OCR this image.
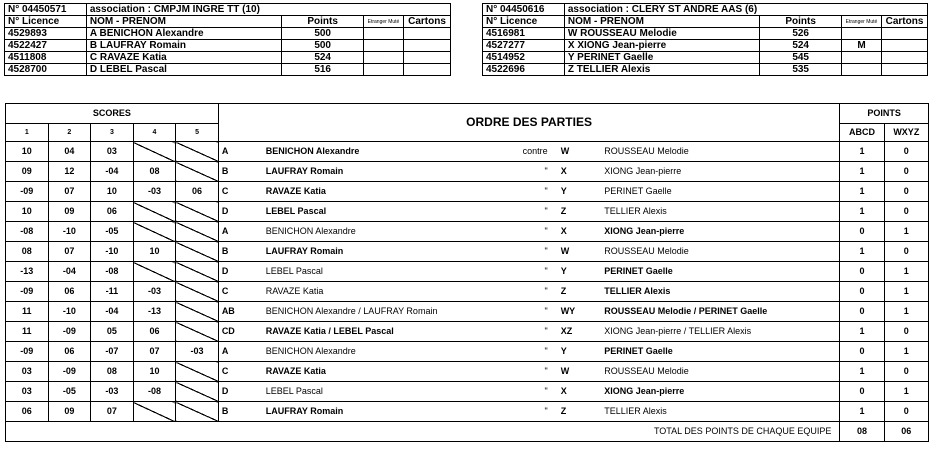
N° 04450571	association : CMPJM INGRE TT (10)			
N° Licence	NOM - PRENOM	Points	Etranger Muté	Cartons
4529893	A BENICHON Alexandre	500		
4522427	B LAUFRAY Romain	500		
4511808	C RAVAZE Katia	524		
4528700	D LEBEL Pascal	516		
N° 04450616	association : CLERY ST ANDRE AAS (6)			
N° Licence	NOM - PRENOM	Points	Etranger Muté	Cartons
4516981	W ROUSSEAU Melodie	526		
4527277	X XIONG Jean-pierre	524	M	
4514952	Y PERINET Gaelle	545		
4522696	Z TELLIER Alexis	535		
SCORES					ORDRE DES PARTIES					POINTS	
1	2	3	4	5						ABCD	WXYZ
10	04	03			A	BENICHON Alexandre	contre	W	ROUSSEAU Melodie	1	0
09	12	-04	08		B	LAUFRAY Romain	"	X	XIONG Jean-pierre	1	0
-09	07	10	-03	06	C	RAVAZE Katia	"	Y	PERINET Gaelle	1	0
10	09	06			D	LEBEL Pascal	"	Z	TELLIER Alexis	1	0
-08	-10	-05			A	BENICHON Alexandre	"	X	XIONG Jean-pierre	0	1
08	07	-10	10		B	LAUFRAY Romain	"	W	ROUSSEAU Melodie	1	0
-13	-04	-08			D	LEBEL Pascal	"	Y	PERINET Gaelle	0	1
-09	06	-11	-03		C	RAVAZE Katia	"	Z	TELLIER Alexis	0	1
11	-10	-04	-13		AB	BENICHON Alexandre / LAUFRAY Romain	"	WY	ROUSSEAU Melodie / PERINET Gaelle	0	1
11	-09	05	06		CD	RAVAZE Katia / LEBEL Pascal	"	XZ	XIONG Jean-pierre / TELLIER Alexis	1	0
-09	06	-07	07	-03	A	BENICHON Alexandre	"	Y	PERINET Gaelle	0	1
03	-09	08	10		C	RAVAZE Katia	"	W	ROUSSEAU Melodie	1	0
03	-05	-03	-08		D	LEBEL Pascal	"	X	XIONG Jean-pierre	0	1
06	09	07			B	LAUFRAY Romain	"	Z	TELLIER Alexis	1	0
TOTAL DES POINTS DE CHAQUE EQUIPE										08	06
